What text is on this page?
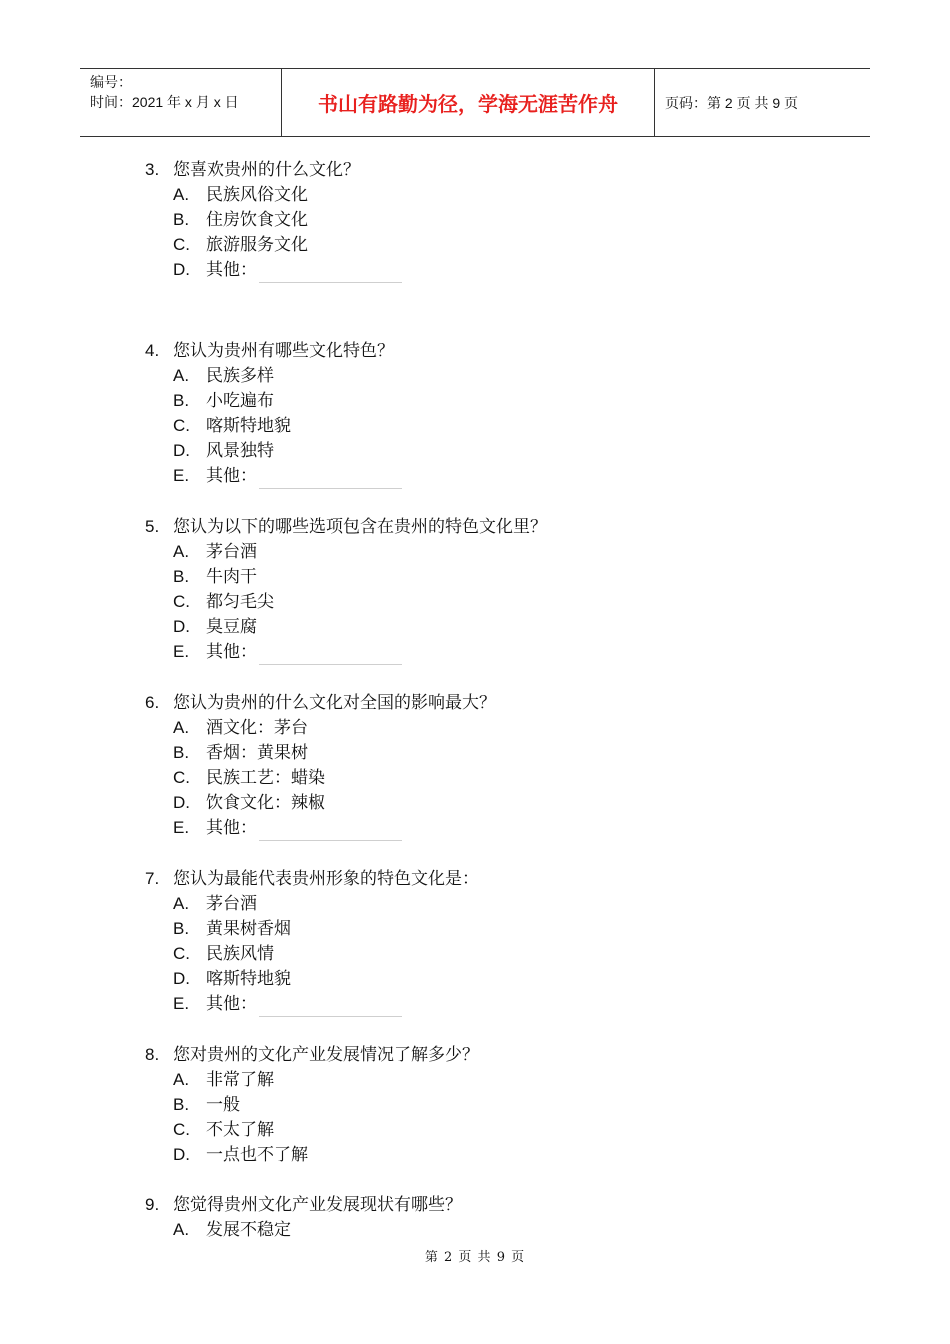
编号：
时间：2021 年 x 月 x 日	书山有路勤为径，学海无涯苦作舟	页码：第 2 页 共 9 页
3. 您喜欢贵州的什么文化？
A. 民族风俗文化
B. 住房饮食文化
C. 旅游服务文化
D. 其他：
4. 您认为贵州有哪些文化特色？
A. 民族多样
B. 小吃遍布
C. 喀斯特地貌
D. 风景独特
E. 其他：
5. 您认为以下的哪些选项包含在贵州的特色文化里？
A. 茅台酒
B. 牛肉干
C. 都匀毛尖
D. 臭豆腐
E. 其他：
6. 您认为贵州的什么文化对全国的影响最大？
A. 酒文化：茅台
B. 香烟：黄果树
C. 民族工艺：蜡染
D. 饮食文化：辣椒
E. 其他：
7. 您认为最能代表贵州形象的特色文化是：
A. 茅台酒
B. 黄果树香烟
C. 民族风情
D. 喀斯特地貌
E. 其他：
8. 您对贵州的文化产业发展情况了解多少？
A. 非常了解
B. 一般
C. 不太了解
D. 一点也不了解
9. 您觉得贵州文化产业发展现状有哪些？
A. 发展不稳定
第 2 页 共 9 页
